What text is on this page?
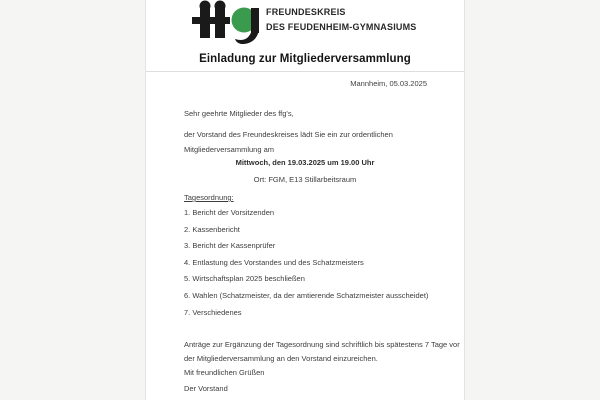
FREUNDESKREIS
DES FEUDENHEIM-GYMNASIUMS
Einladung zur Mitgliederversammlung
Mannheim, 05.03.2025
Sehr geehrte Mitglieder des ffg's,
der Vorstand des Freundeskreises lädt Sie ein zur ordentlichen
Mitgliederversammlung am
Mittwoch, den 19.03.2025 um 19.00 Uhr
Ort: FGM, E13 Stillarbeitsraum
Tagesordnung:
1. Bericht der Vorsitzenden
2. Kassenbericht
3. Bericht der Kassenprüfer
4. Entlastung des Vorstandes und des Schatzmeisters
5. Wirtschaftsplan 2025 beschließen
6. Wahlen (Schatzmeister, da der amtierende Schatzmeister ausscheidet)
7. Verschiedenes
Anträge zur Ergänzung der Tagesordnung sind schriftlich bis spätestens 7 Tage vor
der Mitgliederversammlung an den Vorstand einzureichen.
Mit freundlichen Grüßen
Der Vorstand
